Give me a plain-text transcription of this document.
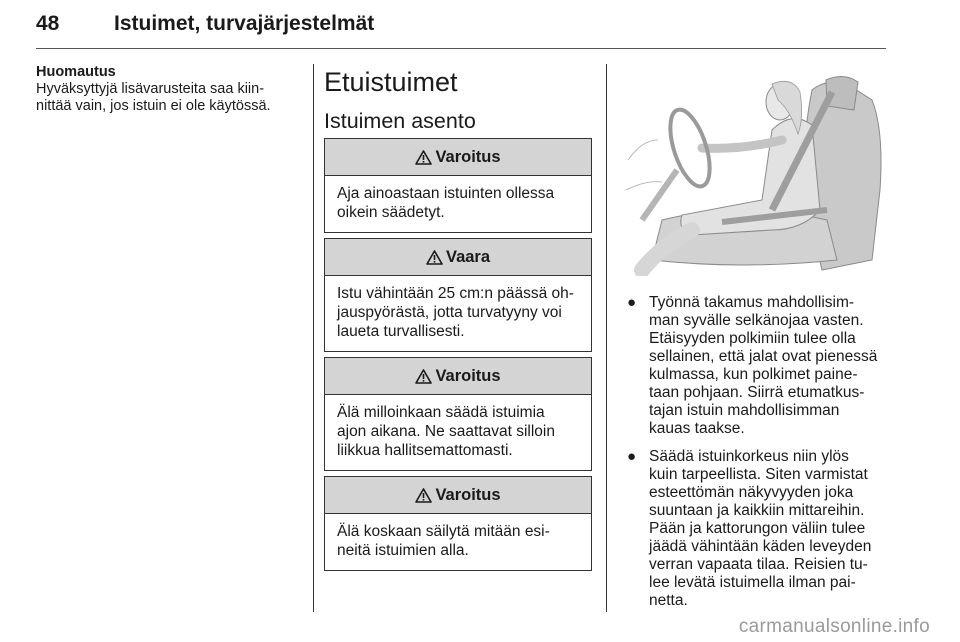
48	Istuimet, turvajärjestelmät
Huomautus
Hyväksyttyjä lisävarusteita saa kiin-
nittää vain, jos istuin ei ole käytössä.
Etuistuimet
Istuimen asento
Varoitus
Aja ainoastaan istuinten ollessa
oikein säädetyt.
Vaara
Istu vähintään 25 cm:n päässä oh-
jauspyörästä, jotta turvatyyny voi
laueta turvallisesti.
Varoitus
Älä milloinkaan säädä istuimia
ajon aikana. Ne saattavat silloin
liikkua hallitsemattomasti.
Varoitus
Älä koskaan säilytä mitään esi-
neitä istuimien alla.
● Työnnä takamus mahdollisim-
man syvälle selkänojaa vasten.
Etäisyyden polkimiin tulee olla
sellainen, että jalat ovat pienessä
kulmassa, kun polkimet paine-
taan pohjaan. Siirrä etumatkus-
tajan istuin mahdollisimman
kauas taakse.
● Säädä istuinkorkeus niin ylös
kuin tarpeellista. Siten varmistat
esteettömän näkyvyyden joka
suuntaan ja kaikkiin mittareihin.
Pään ja kattorungon väliin tulee
jäädä vähintään käden leveyden
verran vapaata tilaa. Reisien tu-
lee levätä istuimella ilman pai-
netta.
carmanualsonline.info
